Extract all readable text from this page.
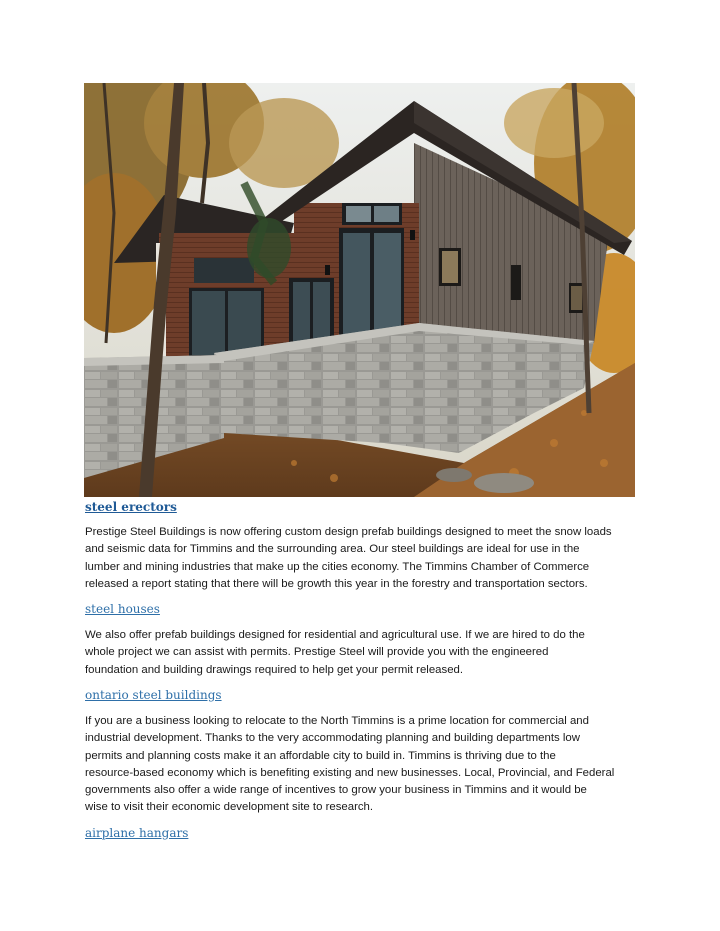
steel erectors
Prestige Steel Buildings is now offering custom design prefab buildings designed to meet the snow loads
and seismic data for Timmins and the surrounding area. Our steel buildings are ideal for use in the
lumber and mining industries that make up the cities economy. The Timmins Chamber of Commerce
released a report stating that there will be growth this year in the forestry and transportation sectors.
steel houses
We also offer prefab buildings designed for residential and agricultural use. If we are hired to do the
whole project we can assist with permits. Prestige Steel will provide you with the engineered
foundation and building drawings required to help get your permit released.
ontario steel buildings
If you are a business looking to relocate to the North Timmins is a prime location for commercial and
industrial development. Thanks to the very accommodating planning and building departments low
permits and planning costs make it an affordable city to build in. Timmins is thriving due to the
resource-based economy which is benefiting existing and new businesses. Local, Provincial, and Federal
governments also offer a wide range of incentives to grow your business in Timmins and it would be
wise to visit their economic development site to research.
airplane hangars
